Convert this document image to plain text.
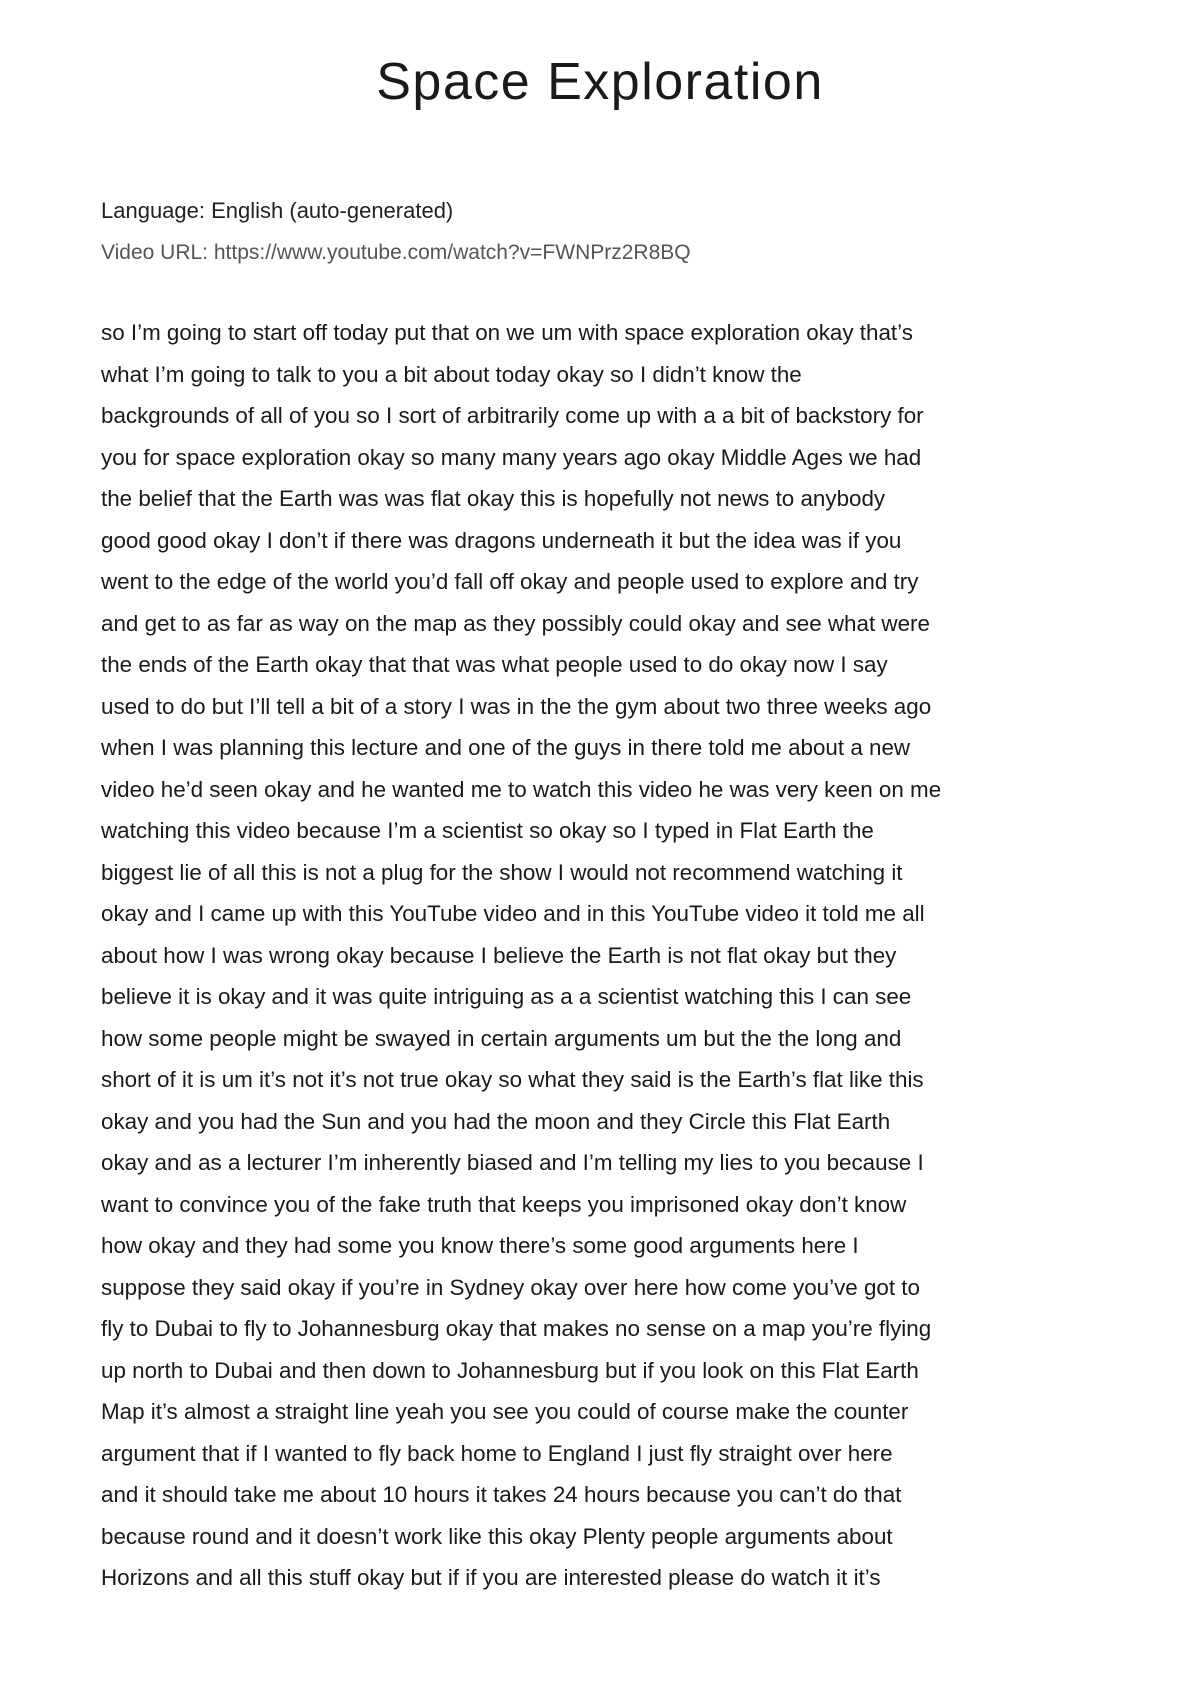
Space Exploration

Language: English (auto-generated)

Video URL: https://www.youtube.com/watch?v=FWNPrz2R8BQ

so I’m going to start off today put that on we um with space exploration okay that’s
what I’m going to talk to you a bit about today okay so I didn’t know the
backgrounds of all of you so I sort of arbitrarily come up with a a bit of backstory for
you for space exploration okay so many many years ago okay Middle Ages we had
the belief that the Earth was was flat okay this is hopefully not news to anybody
good good okay I don’t if there was dragons underneath it but the idea was if you
went to the edge of the world you’d fall off okay and people used to explore and try
and get to as far as way on the map as they possibly could okay and see what were
the ends of the Earth okay that that was what people used to do okay now I say
used to do but I’ll tell a bit of a story I was in the the gym about two three weeks ago
when I was planning this lecture and one of the guys in there told me about a new
video he’d seen okay and he wanted me to watch this video he was very keen on me
watching this video because I’m a scientist so okay so I typed in Flat Earth the
biggest lie of all this is not a plug for the show I would not recommend watching it
okay and I came up with this YouTube video and in this YouTube video it told me all
about how I was wrong okay because I believe the Earth is not flat okay but they
believe it is okay and it was quite intriguing as a a scientist watching this I can see
how some people might be swayed in certain arguments um but the the long and
short of it is um it’s not it’s not true okay so what they said is the Earth’s flat like this
okay and you had the Sun and you had the moon and they Circle this Flat Earth
okay and as a lecturer I’m inherently biased and I’m telling my lies to you because I
want to convince you of the fake truth that keeps you imprisoned okay don’t know
how okay and they had some you know there’s some good arguments here I
suppose they said okay if you’re in Sydney okay over here how come you’ve got to
fly to Dubai to fly to Johannesburg okay that makes no sense on a map you’re flying
up north to Dubai and then down to Johannesburg but if you look on this Flat Earth
Map it’s almost a straight line yeah you see you could of course make the counter
argument that if I wanted to fly back home to England I just fly straight over here
and it should take me about 10 hours it takes 24 hours because you can’t do that
because round and it doesn’t work like this okay Plenty people arguments about
Horizons and all this stuff okay but if if you are interested please do watch it it’s
